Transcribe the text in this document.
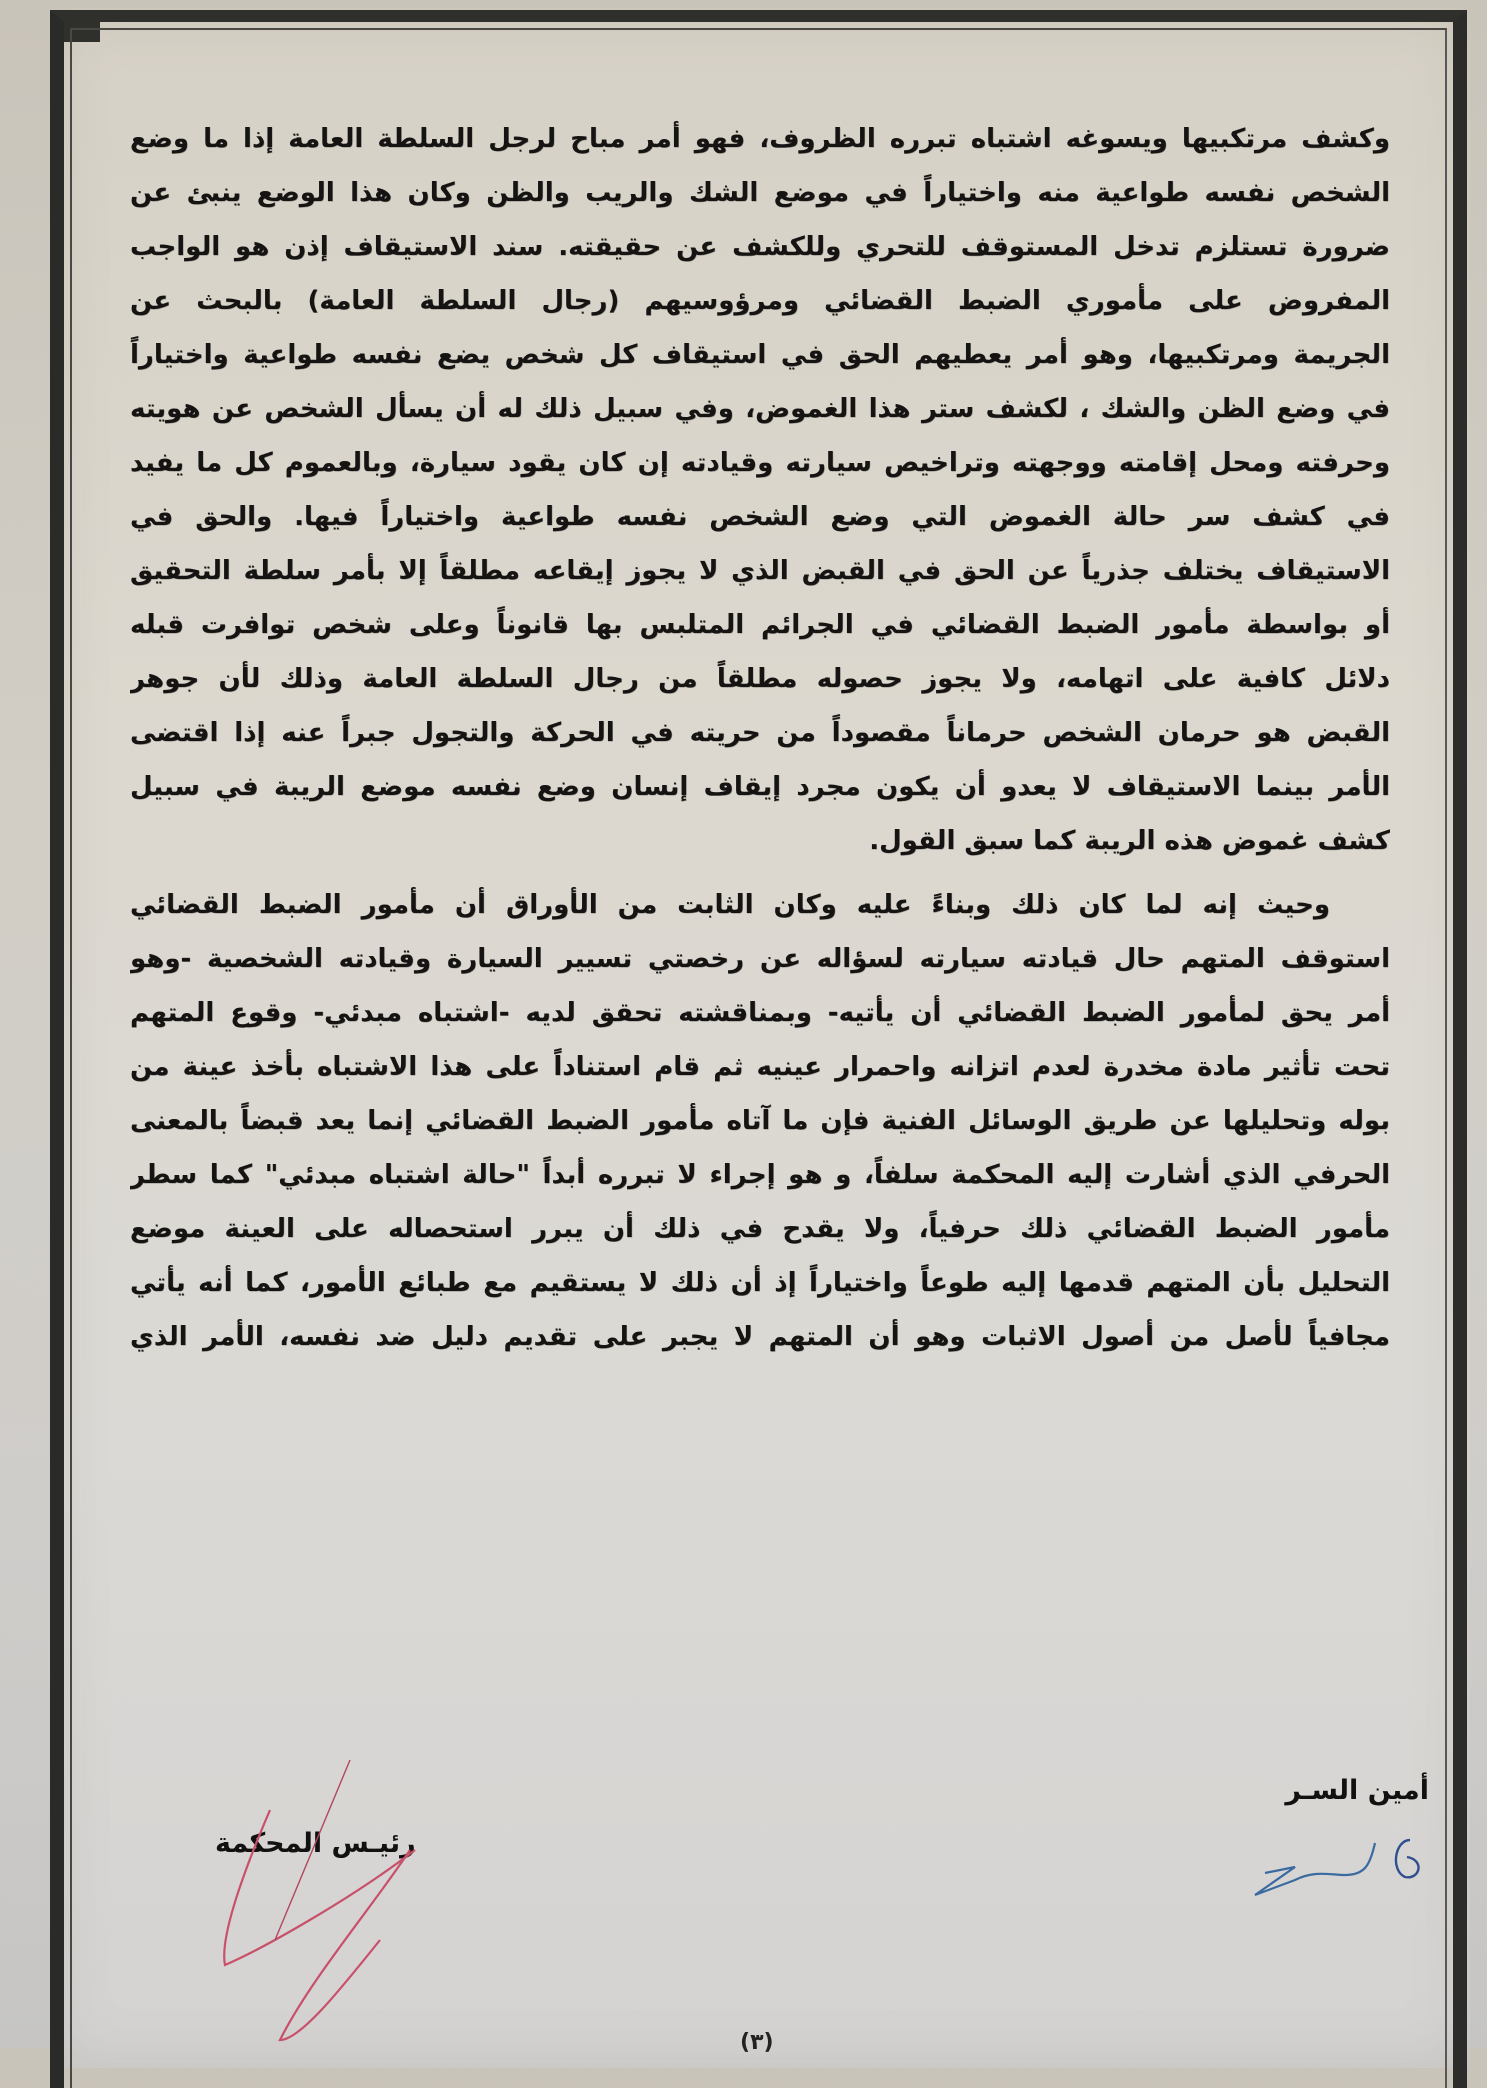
وكشف مرتكبيها ويسوغه اشتباه تبرره الظروف، فهو أمر مباح لرجل السلطة العامة إذا ما وضع
الشخص نفسه طواعية منه واختياراً في موضع الشك والريب والظن وكان هذا الوضع ينبئ عن
ضرورة تستلزم تدخل المستوقف للتحري وللكشف عن حقيقته. سند الاستيقاف إذن هو الواجب
المفروض على مأموري الضبط القضائي ومرؤوسيهم (رجال السلطة العامة) بالبحث عن
الجريمة ومرتكبيها، وهو أمر يعطيهم الحق في استيقاف كل شخص يضع نفسه طواعية واختياراً
في وضع الظن والشك ، لكشف ستر هذا الغموض، وفي سبيل ذلك له أن يسأل الشخص عن هويته
وحرفته ومحل إقامته ووجهته وتراخيص سيارته وقيادته إن كان يقود سيارة، وبالعموم كل ما يفيد
في كشف سر حالة الغموض التي وضع الشخص نفسه طواعية واختياراً فيها. والحق في
الاستيقاف يختلف جذرياً عن الحق في القبض الذي لا يجوز إيقاعه مطلقاً إلا بأمر سلطة التحقيق
أو بواسطة مأمور الضبط القضائي في الجرائم المتلبس بها قانوناً وعلى شخص توافرت قبله
دلائل كافية على اتهامه، ولا يجوز حصوله مطلقاً من رجال السلطة العامة وذلك لأن جوهر
القبض هو حرمان الشخص حرماناً مقصوداً من حريته في الحركة والتجول جبراً عنه إذا اقتضى
الأمر بينما الاستيقاف لا يعدو أن يكون مجرد إيقاف إنسان وضع نفسه موضع الريبة في سبيل
كشف غموض هذه الريبة كما سبق القول.
وحيث إنه لما كان ذلك وبناءً عليه وكان الثابت من الأوراق أن مأمور الضبط القضائي
استوقف المتهم حال قيادته سيارته لسؤاله عن رخصتي تسيير السيارة وقيادته الشخصية -وهو
أمر يحق لمأمور الضبط القضائي أن يأتيه- وبمناقشته تحقق لديه -اشتباه مبدئي- وقوع المتهم
تحت تأثير مادة مخدرة لعدم اتزانه واحمرار عينيه ثم قام استناداً على هذا الاشتباه بأخذ عينة من
بوله وتحليلها عن طريق الوسائل الفنية فإن ما آتاه مأمور الضبط القضائي إنما يعد قبضاً بالمعنى
الحرفي الذي أشارت إليه المحكمة سلفاً، و هو إجراء لا تبرره أبداً "حالة اشتباه مبدئي" كما سطر
مأمور الضبط القضائي ذلك حرفياً، ولا يقدح في ذلك أن يبرر استحصاله على العينة موضع
التحليل بأن المتهم قدمها إليه طوعاً واختياراً إذ أن ذلك لا يستقيم مع طبائع الأمور، كما أنه يأتي
مجافياً لأصل من أصول الاثبات وهو أن المتهم لا يجبر على تقديم دليل ضد نفسه، الأمر الذي
أمين السـر
رئيـس المحكمة
(٣)
